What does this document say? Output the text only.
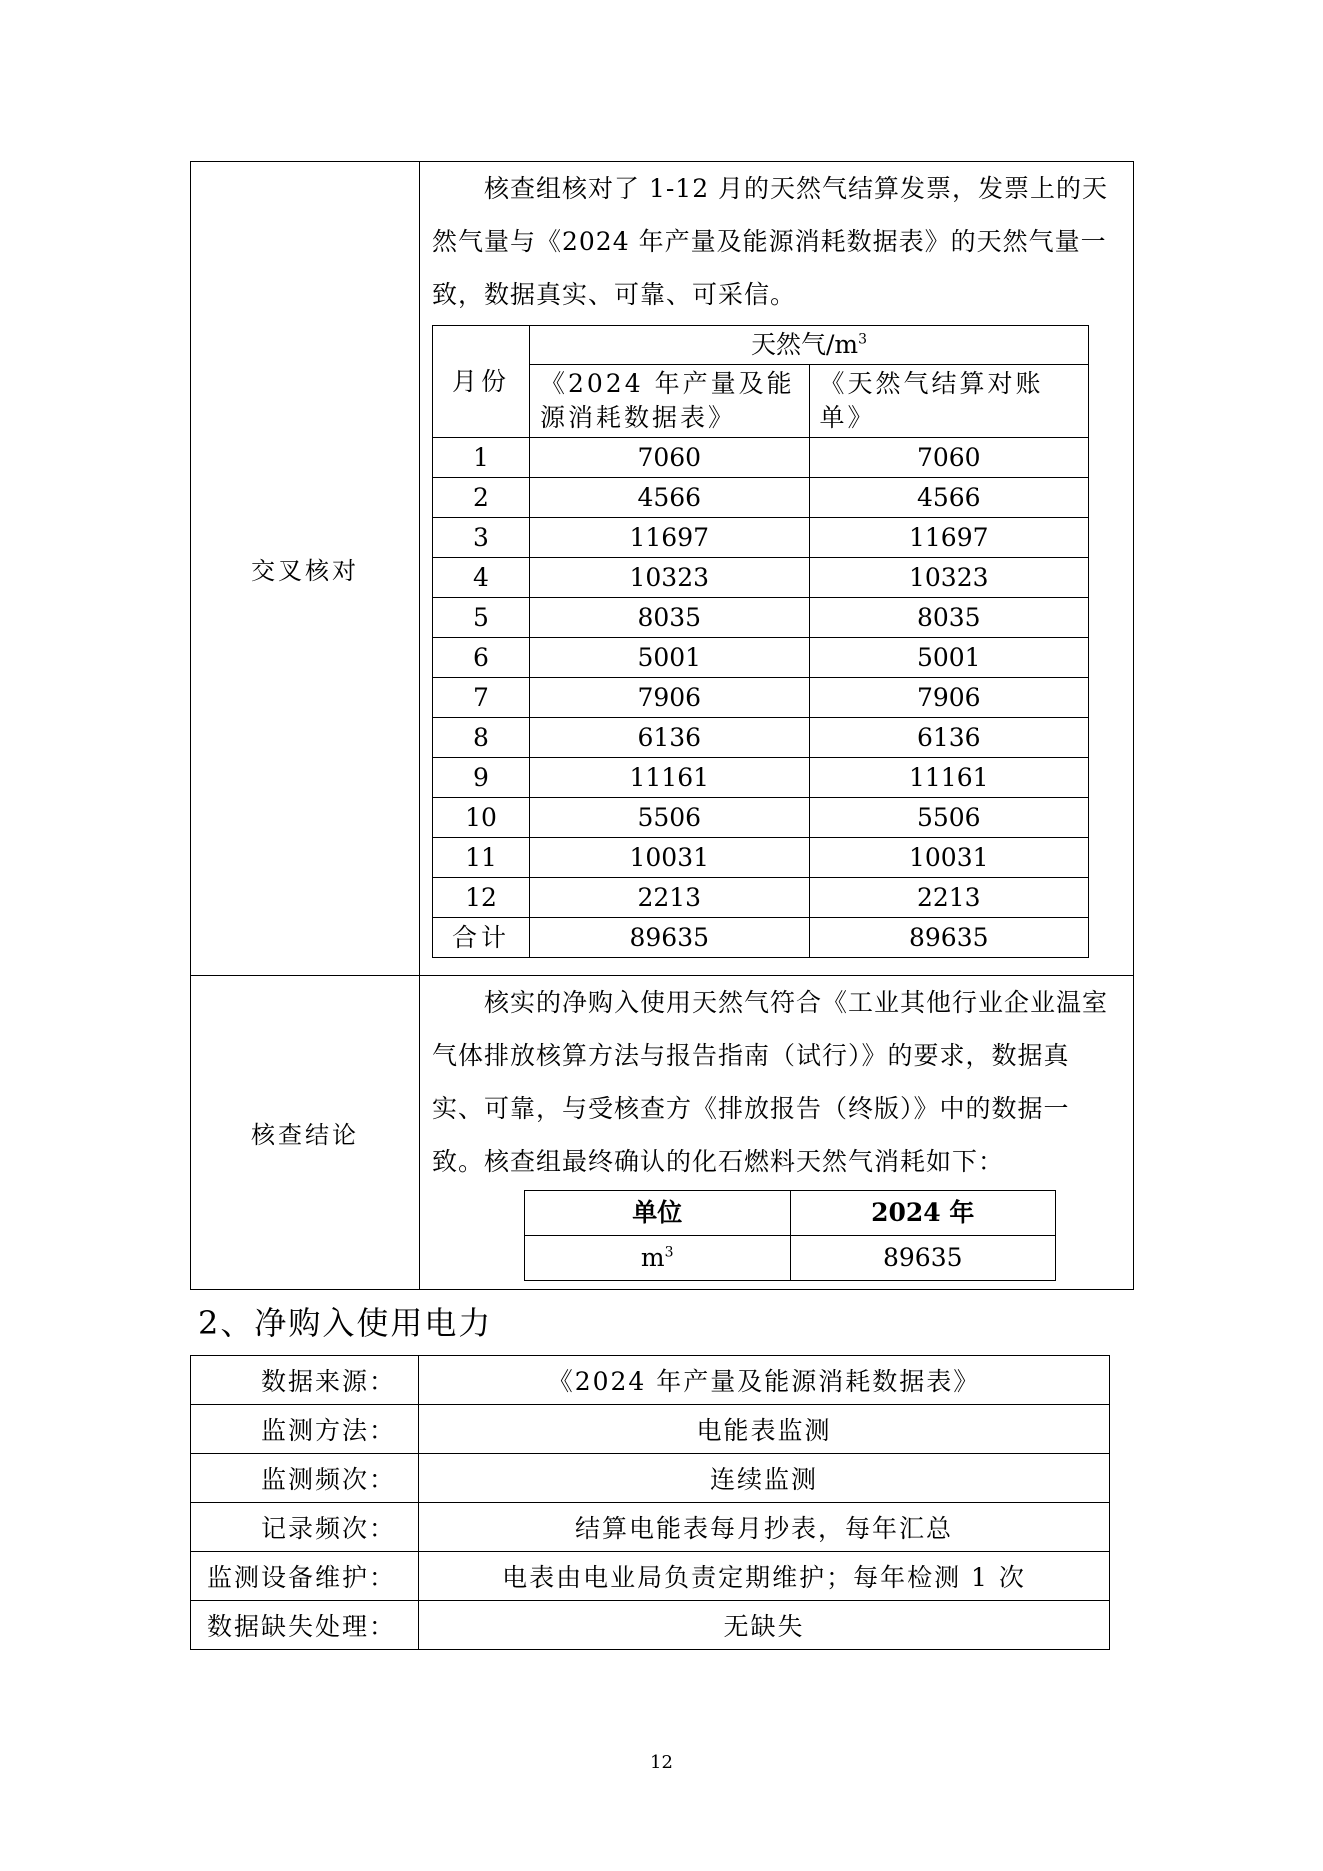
交叉核对	

核查组核对了 1-12 月的天然气结算发票，发票上的天然气量与《2024 年产量及能源消耗数据表》的天然气量一致，数据真实、可靠、可采信。

月份	天然气$/m^3$
《2024 年产量及能源消耗数据表》	《天然气结算对账单》
1	7060	7060
2	4566	4566
3	11697	11697
4	10323	10323
5	8035	8035
6	5001	5001
7	7906	7906
8	6136	6136
9	11161	11161
10	5506	5506
11	10031	10031
12	2213	2213
合计	89635	89635

核查结论	

核实的净购入使用天然气符合《工业其他行业企业温室气体排放核算方法与报告指南（试行）》的要求，数据真实、可靠，与受核查方《排放报告（终版）》中的数据一致。核查组最终确认的化石燃料天然气消耗如下：

单位	2024 年
$m^3$	89635
2、净购入使用电力
数据来源：	《2024 年产量及能源消耗数据表》
监测方法：	电能表监测
监测频次：	连续监测
记录频次：	结算电能表每月抄表，每年汇总
监测设备维护：	电表由电业局负责定期维护；每年检测 1 次
数据缺失处理：	无缺失
12
